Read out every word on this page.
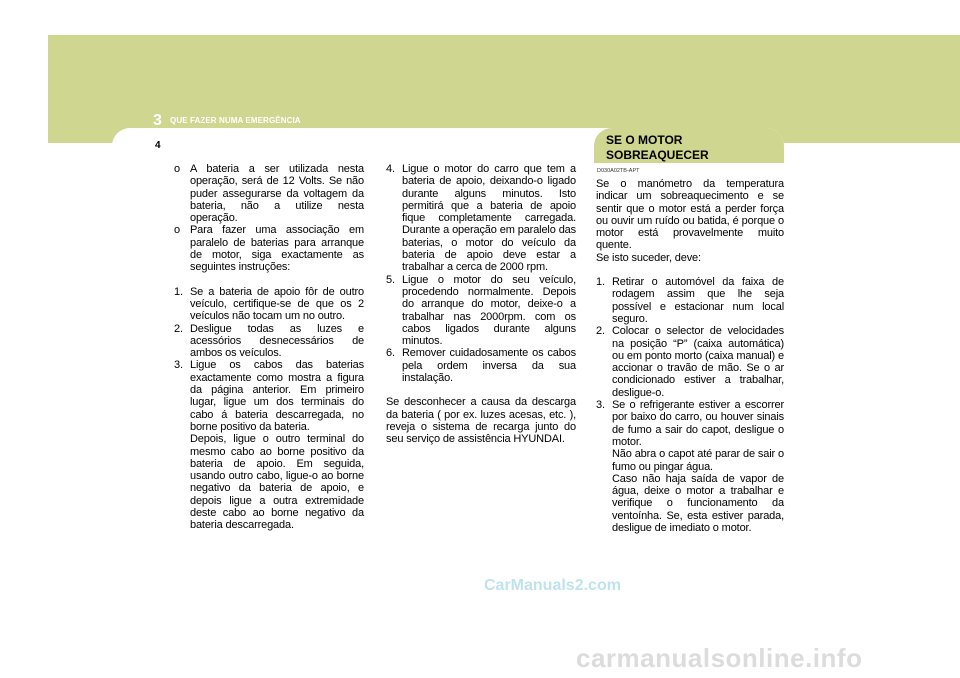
3 QUE FAZER NUMA EMERGÊNCIA
4
o A bateria a ser utilizada nesta operação, será de 12 Volts. Se não puder assegurarse da voltagem da bateria, não a utilize nesta operação.
o Para fazer uma associação em paralelo de baterias para arranque de motor, siga exactamente as seguintes instruções:
1. Se a bateria de apoio fôr de outro veículo, certifique-se de que os 2 veículos não tocam um no outro.
2. Desligue todas as luzes e acessórios desnecessários de ambos os veículos.
3. Ligue os cabos das baterias exactamente como mostra a figura da página anterior. Em primeiro lugar, ligue um dos terminais do cabo á bateria descarregada, no borne positivo da bateria.
Depois, ligue o outro terminal do mesmo cabo ao borne positivo da bateria de apoio. Em seguida, usando outro cabo, ligue-o ao borne negativo da bateria de apoio, e depois ligue a outra extremidade deste cabo ao borne negativo da bateria descarregada.
4. Ligue o motor do carro que tem a bateria de apoio, deixando-o ligado durante alguns minutos. Isto permitirá que a bateria de apoio fique completamente carregada. Durante a operação em paralelo das baterias, o motor do veículo da bateria de apoio deve estar a trabalhar a cerca de 2000 rpm.
5. Ligue o motor do seu veículo, procedendo normalmente. Depois do arranque do motor, deixe-o a trabalhar nas 2000rpm. com os cabos ligados durante alguns minutos.
6. Remover cuidadosamente os cabos pela ordem inversa da sua instalação.

Se desconhecer a causa da descarga da bateria ( por ex. luzes acesas, etc. ), reveja o sistema de recarga junto do seu serviço de assistência HYUNDAI.

SE O MOTOR
SOBREAQUECER
D030A02TB-APT

Se o manómetro da temperatura indicar um sobreaquecimento e se sentir que o motor está a perder força ou ouvir um ruído ou batida, é porque o motor está provavelmente muito quente.

Se isto suceder, deve:

1. Retirar o automóvel da faixa de rodagem assim que lhe seja possível e estacionar num local seguro.
2. Colocar o selector de velocidades na posição “P” (caixa automática) ou em ponto morto (caixa manual) e accionar o travão de mão. Se o ar condicionado estiver a trabalhar, desligue-o.
3. Se o refrigerante estiver a escorrer por baixo do carro, ou houver sinais de fumo a sair do capot, desligue o motor.
Não abra o capot até parar de sair o fumo ou pingar água.
Caso não haja saída de vapor de água, deixe o motor a trabalhar e verifique o funcionamento da ventoínha. Se, esta estiver parada, desligue de imediato o motor.
CarManuals2.com
carmanualsonline.info
